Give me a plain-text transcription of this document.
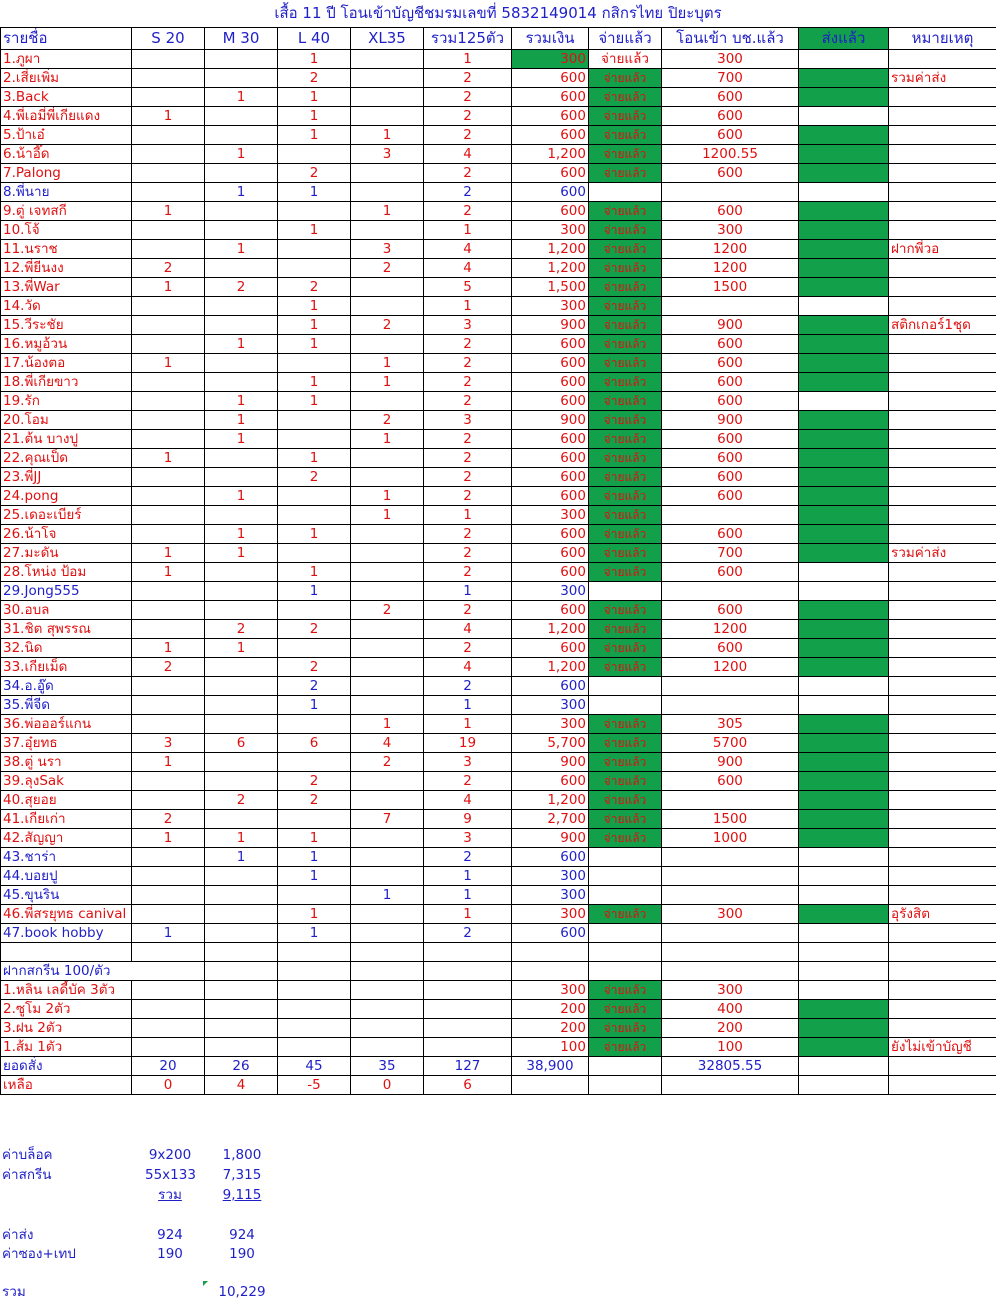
เสื้อ 11 ปี โอนเข้าบัญชีชมรมเลขที่ 5832149014 กสิกรไทย ปิยะบุตร
รายชื่อ	S 20	M 30	L 40	XL35	รวม125ตัว	รวมเงิน	จ่ายแล้ว	โอนเข้า บช.แล้ว	ส่งแล้ว	หมายเหตุ
1.ภูผา			1		1	300	จ่ายแล้ว	300		
2.เสี่ยเพิ่ม			2		2	600	จ่ายแล้ว	700		รวมค่าส่ง
3.Back		1	1		2	600	จ่ายแล้ว	600		
4.พี่เอมี่พี่เกียแดง	1		1		2	600	จ่ายแล้ว	600		
5.ป้าเอ๋			1	1	2	600	จ่ายแล้ว	600		
6.น้าอี๊ด		1		3	4	1,200	จ่ายแล้ว	1200.55		
7.Palong			2		2	600	จ่ายแล้ว	600		
8.พี่นาย		1	1		2	600				
9.ตู่ เจทสกี	1			1	2	600	จ่ายแล้ว	600		
10.โจ้			1		1	300	จ่ายแล้ว	300		
11.นราช		1		3	4	1,200	จ่ายแล้ว	1200		ฝากพี่วอ
12.พี่ยีนงง	2			2	4	1,200	จ่ายแล้ว	1200		
13.พี่War	1	2	2		5	1,500	จ่ายแล้ว	1500		
14.วัด			1		1	300	จ่ายแล้ว			
15.วีระชัย			1	2	3	900	จ่ายแล้ว	900		สติกเกอร์1ชุด
16.หมูอ้วน		1	1		2	600	จ่ายแล้ว	600		
17.น้องตอ	1			1	2	600	จ่ายแล้ว	600		
18.พี่เกียขาว			1	1	2	600	จ่ายแล้ว	600		
19.รัก		1	1		2	600	จ่ายแล้ว	600		
20.โอม		1		2	3	900	จ่ายแล้ว	900		
21.ต้น บางปู		1		1	2	600	จ่ายแล้ว	600		
22.คุณเป็ด	1		1		2	600	จ่ายแล้ว	600		
23.พี่JJ			2		2	600	จ่ายแล้ว	600		
24.pong		1		1	2	600	จ่ายแล้ว	600		
25.เดอะเบียร์				1	1	300	จ่ายแล้ว			
26.น้าโจ		1	1		2	600	จ่ายแล้ว	600		
27.มะดัน	1	1			2	600	จ่ายแล้ว	700		รวมค่าส่ง
28.โหน่ง ป้อม	1		1		2	600	จ่ายแล้ว	600		
29.Jong555			1		1	300				
30.อบล				2	2	600	จ่ายแล้ว	600		
31.ชิต สุพรรณ		2	2		4	1,200	จ่ายแล้ว	1200		
32.นิด	1	1			2	600	จ่ายแล้ว	600		
33.เกียเม็ด	2		2		4	1,200	จ่ายแล้ว	1200		
34.อ.อู๊ด			2		2	600				
35.พี่จีด			1		1	300				
36.พ่อออร์แกน				1	1	300	จ่ายแล้ว	305		
37.อุ๋ยทธ	3	6	6	4	19	5,700	จ่ายแล้ว	5700		
38.ตู่ นรา	1			2	3	900	จ่ายแล้ว	900		
39.ลุงSak			2		2	600	จ่ายแล้ว	600		
40.สุยอย		2	2		4	1,200	จ่ายแล้ว			
41.เกียเก่า	2			7	9	2,700	จ่ายแล้ว	1500		
42.สัญญา	1	1	1		3	900	จ่ายแล้ว	1000		
43.ชาร่า		1	1		2	600				
44.บอยปู			1		1	300				
45.ขุนริน				1	1	300				
46.พี่สรยุทธ canival			1		1	300	จ่ายแล้ว	300		อุรังสิต
47.book hobby	1		1		2	600				

ฝากสกรีน 100/ตัว										
1.หลิน เลดี้บัค 3ตัว						300	จ่ายแล้ว	300		
2.ซูโม 2ตัว						200	จ่ายแล้ว	400		
3.ฝน 2ตัว						200	จ่ายแล้ว	200		
1.ส้ม 1ตัว						100	จ่ายแล้ว	100		ยังไม่เข้าบัญชี
ยอดสั่ง	20	26	45	35	127	38,900		32805.55		
เหลือ	0	4	-5	0	6					
ค่าบล็อค	9x200	1,800
ค่าสกรีน	55x133	7,315
รวม	9,115
ค่าส่ง	924	924
ค่าซอง+เทป	190	190
รวม	10,229
